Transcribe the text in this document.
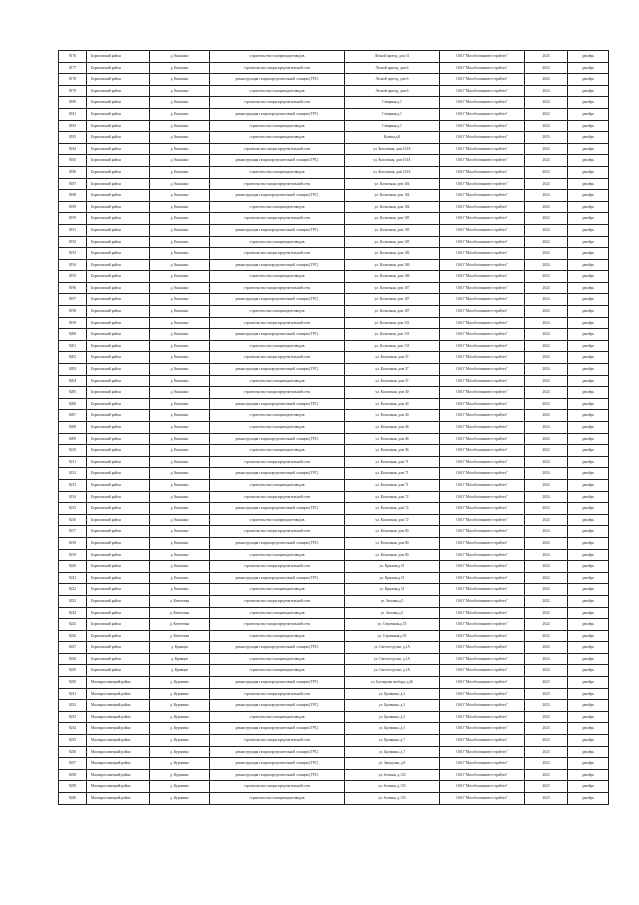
8176	Борисовский район	д. Кошкино	строительство газопроводов-вводов	Лесной проезд, дом 31	ОАО "Мособлгазинвестстройтех"	2025	декабрь
8177	Борисовский район	д. Кошкино	строительство газораспределительной сети	Лесной проезд, дом 6	ОАО "Мособлгазинвестстройтех"	2024	декабрь
8178	Борисовский район	д. Кошкино	реконструкция газораспределительной станции (ГРС)	Лесной проезд, дом 6	ОАО "Мособлгазинвестстройтех"	2024	декабрь
8179	Борисовский район	д. Кошкино	строительство газопроводов-вводов	Лесной проезд, дом 6	ОАО "Мособлгазинвестстройтех"	2024	декабрь
8180	Борисовский район	д. Кошкино	строительство газораспределительной сети	Северная,д.1	ОАО "Мособлгазинвестстройтех"	2024	декабрь
8181	Борисовский район	д. Кошкино	реконструкция газораспределительной станции (ГРС)	Северная,д.1	ОАО "Мособлгазинвестстройтех"	2024	декабрь
8182	Борисовский район	д. Кошкино	строительство газопроводов-вводов	Северная,д.1	ОАО "Мособлгазинвестстройтех"	2024	декабрь
8183	Борисовский район	д. Кошкино	строительство газопроводов-вводов	Кузина,д.8	ОАО "Мособлгазинвестстройтех"	2025	декабрь
8184	Борисовский район	д. Кошкино	строительство газораспределительной сети	ул. Колхозная, дом 101А	ОАО "Мособлгазинвестстройтех"	2024	декабрь
8185	Борисовский район	д. Кошкино	реконструкция газораспределительной станции (ГРС)	ул. Колхозная, дом 101А	ОАО "Мособлгазинвестстройтех"	2024	декабрь
8186	Борисовский район	д. Кошкино	строительство газопроводов-вводов	ул. Колхозная, дом 101А	ОАО "Мособлгазинвестстройтех"	2024	декабрь
8187	Борисовский район	д. Кошкино	строительство газораспределительной сети	ул. Колхозная, дом 104	ОАО "Мособлгазинвестстройтех"	2024	декабрь
8188	Борисовский район	д. Кошкино	реконструкция газораспределительной станции (ГРС)	ул. Колхозная, дом 104	ОАО "Мособлгазинвестстройтех"	2024	декабрь
8189	Борисовский район	д. Кошкино	строительство газопроводов-вводов	ул. Колхозная, дом 104	ОАО "Мособлгазинвестстройтех"	2024	декабрь
8190	Борисовский район	д. Кошкино	строительство газораспределительной сети	ул. Колхозная, дом 105	ОАО "Мособлгазинвестстройтех"	2024	декабрь
8191	Борисовский район	д. Кошкино	реконструкция газораспределительной станции (ГРС)	ул. Колхозная, дом 105	ОАО "Мособлгазинвестстройтех"	2024	декабрь
8192	Борисовский район	д. Кошкино	строительство газопроводов-вводов	ул. Колхозная, дом 105	ОАО "Мособлгазинвестстройтех"	2024	декабрь
8193	Борисовский район	д. Кошкино	строительство газораспределительной сети	ул. Колхозная, дом 106	ОАО "Мособлгазинвестстройтех"	2024	декабрь
8194	Борисовский район	д. Кошкино	реконструкция газораспределительной станции (ГРС)	ул. Колхозная, дом 106	ОАО "Мособлгазинвестстройтех"	2024	декабрь
8195	Борисовский район	д. Кошкино	строительство газопроводов-вводов	ул. Колхозная, дом 106	ОАО "Мособлгазинвестстройтех"	2024	декабрь
8196	Борисовский район	д. Кошкино	строительство газораспределительной сети	ул. Колхозная, дом 107	ОАО "Мособлгазинвестстройтех"	2024	декабрь
8197	Борисовский район	д. Кошкино	реконструкция газораспределительной станции (ГРС)	ул. Колхозная, дом 107	ОАО "Мособлгазинвестстройтех"	2024	декабрь
8198	Борисовский район	д. Кошкино	строительство газопроводов-вводов	ул. Колхозная, дом 107	ОАО "Мособлгазинвестстройтех"	2024	декабрь
8199	Борисовский район	д. Кошкино	строительство газораспределительной сети	ул. Колхозная, дом 131	ОАО "Мособлгазинвестстройтех"	2024	декабрь
8200	Борисовский район	д. Кошкино	реконструкция газораспределительной станции (ГРС)	ул. Колхозная, дом 131	ОАО "Мособлгазинвестстройтех"	2024	декабрь
8201	Борисовский район	д. Кошкино	строительство газопроводов-вводов	ул. Колхозная, дом 131	ОАО "Мособлгазинвестстройтех"	2024	декабрь
8202	Борисовский район	д. Кошкино	строительство газораспределительной сети	ул. Колхозная, дом 37	ОАО "Мособлгазинвестстройтех"	2024	декабрь
8203	Борисовский район	д. Кошкино	реконструкция газораспределительной станции (ГРС)	ул. Колхозная, дом 37	ОАО "Мособлгазинвестстройтех"	2024	декабрь
8204	Борисовский район	д. Кошкино	строительство газопроводов-вводов	ул. Колхозная, дом 37	ОАО "Мособлгазинвестстройтех"	2024	декабрь
8205	Борисовский район	д. Кошкино	строительство газораспределительной сети	ул. Колхозная, дом 40	ОАО "Мособлгазинвестстройтех"	2024	декабрь
8206	Борисовский район	д. Кошкино	реконструкция газораспределительной станции (ГРС)	ул. Колхозная, дом 40	ОАО "Мособлгазинвестстройтех"	2024	декабрь
8207	Борисовский район	д. Кошкино	строительство газопроводов-вводов	ул. Колхозная, дом 40	ОАО "Мособлгазинвестстройтех"	2024	декабрь
8208	Борисовский район	д. Кошкино	строительство газопроводов-вводов	ул. Колхозная, дом 46	ОАО "Мособлгазинвестстройтех"	2024	декабрь
8209	Борисовский район	д. Кошкино	реконструкция газораспределительной станции (ГРС)	ул. Колхозная, дом 46	ОАО "Мособлгазинвестстройтех"	2024	декабрь
8210	Борисовский район	д. Кошкино	строительство газопроводов-вводов	ул. Колхозная, дом 46	ОАО "Мособлгазинвестстройтех"	2024	декабрь
8211	Борисовский район	д. Кошкино	строительство газораспределительной сети	ул. Колхозная, дом 71	ОАО "Мособлгазинвестстройтех"	2024	декабрь
8212	Борисовский район	д. Кошкино	реконструкция газораспределительной станции (ГРС)	ул. Колхозная, дом 71	ОАО "Мособлгазинвестстройтех"	2024	декабрь
8213	Борисовский район	д. Кошкино	строительство газопроводов-вводов	ул. Колхозная, дом 71	ОАО "Мособлгазинвестстройтех"	2024	декабрь
8214	Борисовский район	д. Кошкино	строительство газораспределительной сети	ул. Колхозная, дом 72	ОАО "Мособлгазинвестстройтех"	2024	декабрь
8215	Борисовский район	д. Кошкино	реконструкция газораспределительной станции (ГРС)	ул. Колхозная, дом 72	ОАО "Мособлгазинвестстройтех"	2024	декабрь
8216	Борисовский район	д. Кошкино	строительство газопроводов-вводов	ул. Колхозная, дом 72	ОАО "Мособлгазинвестстройтех"	2024	декабрь
8217	Борисовский район	д. Кошкино	строительство газораспределительной сети	ул. Колхозная, дом 80	ОАО "Мособлгазинвестстройтех"	2024	декабрь
8218	Борисовский район	д. Кошкино	реконструкция газораспределительной станции (ГРС)	ул. Колхозная, дом 80	ОАО "Мособлгазинвестстройтех"	2024	декабрь
8219	Борисовский район	д. Кошкино	строительство газопроводов-вводов	ул. Колхозная, дом 80	ОАО "Мособлгазинвестстройтех"	2024	декабрь
8220	Борисовский район	д. Кошкино	строительство газораспределительной сети	ул. Красная,д.51	ОАО "Мособлгазинвестстройтех"	2024	декабрь
8221	Борисовский район	д. Кошкино	реконструкция газораспределительной станции (ГРС)	ул. Красная,д.51	ОАО "Мособлгазинвестстройтех"	2024	декабрь
8222	Борисовский район	д. Кошкино	строительство газопроводов-вводов	ул. Красная,д.51	ОАО "Мособлгазинвестстройтех"	2024	декабрь
8223	Борисовский район	д. Кочетовка	строительство газораспределительной сети	ул. Зеленая,д.5	ОАО "Мособлгазинвестстройтех"	2022	декабрь
8224	Борисовский район	д. Кочетовка	строительство газопроводов-вводов	ул. Зеленая,д.5	ОАО "Мособлгазинвестстройтех"	2022	декабрь
8225	Борисовский район	д. Кочетовка	строительство газораспределительной сети	ул. Серпенная,д.55	ОАО "Мособлгазинвестстройтех"	2022	декабрь
8226	Борисовский район	д. Кочетовка	строительство газопроводов-вводов	ул. Серпенная,д.55	ОАО "Мособлгазинвестстройтех"	2022	декабрь
8227	Борисовский район	д. Кривцов	реконструкция газораспределительной станции (ГРС)	ул. Светлое ручье, д.1А	ОАО "Мособлгазинвестстройтех"	2024	декабрь
8228	Борисовский район	д. Кривцов	строительство газопроводов-вводов	ул. Светлое ручье, д.1А	ОАО "Мособлгазинвестстройтех"	2024	декабрь
8229	Борисовский район	д. Кривцов	строительство газопроводов-вводов	ул. Светлое ручье, д.1А	ОАО "Мособлгазинвестстройтех"	2024	декабрь
8230	Малоярославецкий район	д. Куровино	реконструкция газораспределительной станции (ГРС)	ул. Бахтирова свобода, д.26	ОАО "Мособлгазинвестстройтех"	2023	декабрь
8231	Малоярославецкий район	д. Куровино	строительство газораспределительной сети	ул. Бровкина, д.3	ОАО "Мособлгазинвестстройтех"	2023	декабрь
8232	Малоярославецкий район	д. Куровино	реконструкция газораспределительной станции (ГРС)	ул. Бровкина, д.3	ОАО "Мособлгазинвестстройтех"	2023	декабрь
8233	Малоярославецкий район	д. Куровино	строительство газопроводов-вводов	ул. Бровкина, д.3	ОАО "Мособлгазинвестстройтех"	2023	декабрь
8234	Малоярославецкий район	д. Куровино	реконструкция газораспределительной станции (ГРС)	ул. Бровкина, д.5	ОАО "Мособлгазинвестстройтех"	2023	декабрь
8235	Малоярославецкий район	д. Куровино	строительство газораспределительной сети	ул. Бровкина, д.7	ОАО "Мособлгазинвестстройтех"	2023	декабрь
8236	Малоярославецкий район	д. Куровино	реконструкция газораспределительной станции (ГРС)	ул. Бровкина, д.7	ОАО "Мособлгазинвестстройтех"	2023	декабрь
8237	Малоярославецкий район	д. Куровино	реконструкция газораспределительной станции (ГРС)	ул. Заводская, д.8	ОАО "Мособлгазинвестстройтех"	2023	декабрь
8238	Малоярославецкий район	д. Куровино	реконструкция газораспределительной станции (ГРС)	ул. Зеленая, д.133	ОАО "Мособлгазинвестстройтех"	2023	декабрь
8239	Малоярославецкий район	д. Куровино	строительство газораспределительной сети	ул. Зеленая, д.133	ОАО "Мособлгазинвестстройтех"	2023	декабрь
8240	Малоярославецкий район	д. Куровино	строительство газопроводов-вводов	ул. Зеленая, д.133	ОАО "Мособлгазинвестстройтех"	2023	декабрь
